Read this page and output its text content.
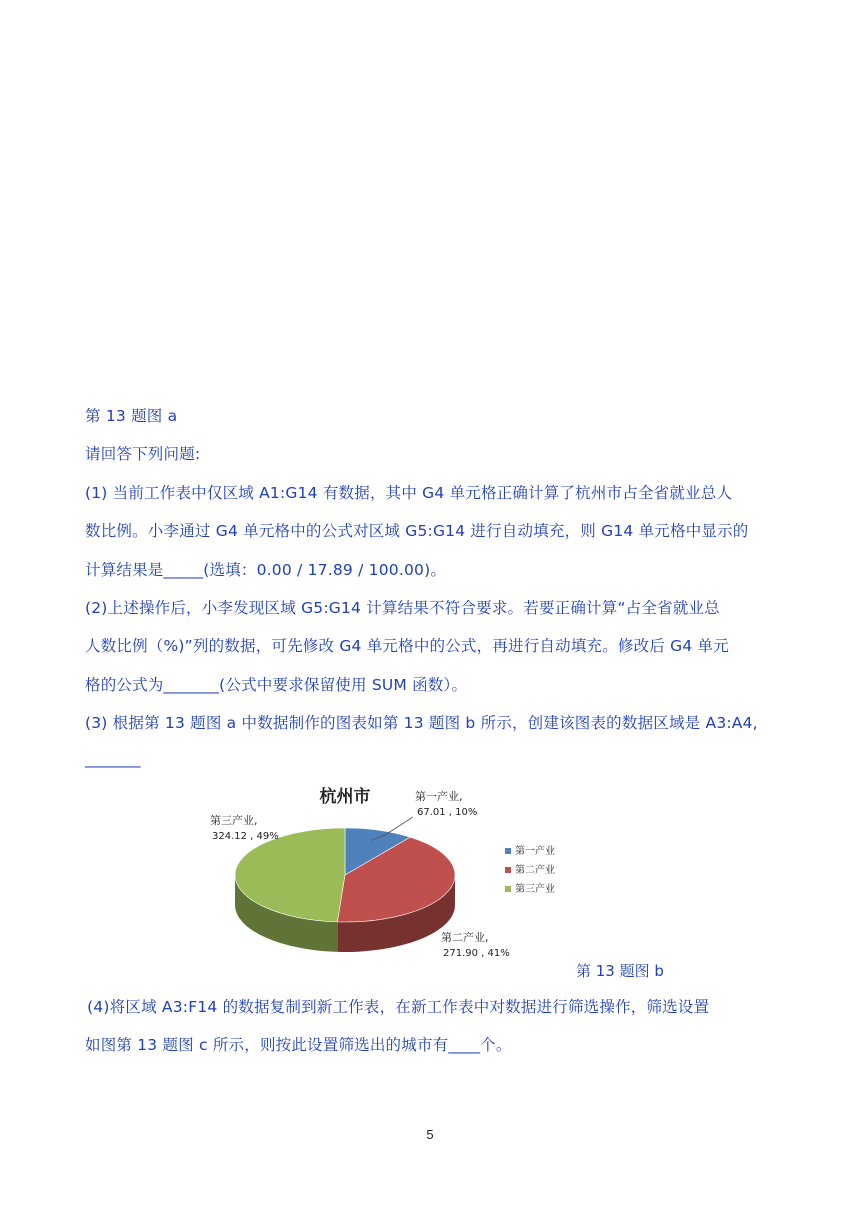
第 13 题图 a
请回答下列问题:
(1) 当前工作表中仅区域 A1:G14 有数据，其中 G4 单元格正确计算了杭州市占全省就业总人
数比例。小李通过 G4 单元格中的公式对区域 G5:G14 进行自动填充，则 G14 单元格中显示的
计算结果是_____(选填：0.00 / 17.89 / 100.00)。
(2)上述操作后，小李发现区域 G5:G14 计算结果不符合要求。若要正确计算“占全省就业总
人数比例（%)”列的数据，可先修改 G4 单元格中的公式，再进行自动填充。修改后 G4 单元
格的公式为_______(公式中要求保留使用 SUM 函数）。
(3) 根据第 13 题图 a 中数据制作的图表如第 13 题图 b 所示，创建该图表的数据区域是 A3:A4,
_______
杭州市	第一产业,
67.01 , 10%
第二产业,
271.90 , 41%
第三产业,
324.12 , 49%
第一产业
第二产业
第三产业
第 13 题图 b
(4)将区域 A3:F14 的数据复制到新工作表，在新工作表中对数据进行筛选操作，筛选设置
如图第 13 题图 c 所示，则按此设置筛选出的城市有____个。
5
